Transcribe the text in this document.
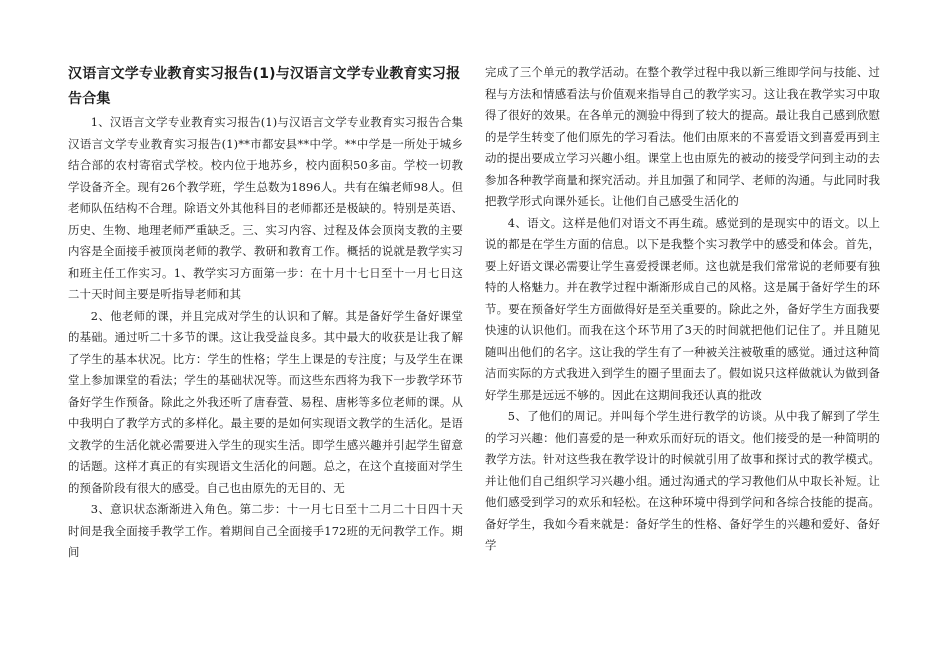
汉语言文学专业教育实习报告(1)与汉语言文学专业教育实习报告合集

1、汉语言文学专业教育实习报告(1)与汉语言文学专业教育实习报告合集汉语言文学专业教育实习报告(1)**市都安县**中学。**中学是一所处于城乡结合部的农村寄宿式学校。校内位于地苏乡，校内面积50多亩。学校一切教学设备齐全。现有26个教学班，学生总数为1896人。共有在编老师98人。但老师队伍结构不合理。除语文外其他科目的老师都还是极缺的。特别是英语、历史、生物、地理老师严重缺乏。三、实习内容、过程及体会顶岗支教的主要内容是全面接手被顶岗老师的教学、教研和教育工作。概括的说就是教学实习和班主任工作实习。1、教学实习方面第一步：在十月十七日至十一月七日这二十天时间主要是听指导老师和其

2、他老师的课，并且完成对学生的认识和了解。其是备好学生备好课堂的基础。通过听二十多节的课。这让我受益良多。其中最大的收获是让我了解了学生的基本状况。比方：学生的性格；学生上课是的专注度；与及学生在课堂上参加课堂的看法；学生的基础状况等。而这些东西将为我下一步教学环节备好学生作预备。除此之外我还听了唐春萱、易程、唐彬等多位老师的课。从中我明白了教学方式的多样化。最主要的是如何实现语文教学的生活化。是语文教学的生活化就必需要进入学生的现实生活。即学生感兴趣并引起学生留意的话题。这样才真正的有实现语文生活化的问题。总之，在这个直接面对学生的预备阶段有很大的感受。自己也由原先的无目的、无

3、意识状态渐渐进入角色。第二步：十一月七日至十二月二十日四十天时间是我全面接手教学工作。着期间自己全面接手172班的无问教学工作。期间

完成了三个单元的教学活动。在整个教学过程中我以新三维即学问与技能、过程与方法和情感看法与价值观来指导自己的教学实习。这让我在教学实习中取得了很好的效果。在各单元的测验中得到了较大的提高。最让我自己感到欣慰的是学生转变了他们原先的学习看法。他们由原来的不喜爱语文到喜爱再到主动的提出要成立学习兴趣小组。课堂上也由原先的被动的接受学问到主动的去参加各种教学商量和探究活动。并且加强了和同学、老师的沟通。与此同时我把教学形式向课外延长。让他们自己感受生活化的

4、语文。这样是他们对语文不再生疏。感觉到的是现实中的语文。以上说的都是在学生方面的信息。以下是我整个实习教学中的感受和体会。首先，要上好语文课必需要让学生喜爱授课老师。这也就是我们常常说的老师要有独特的人格魅力。并在教学过程中渐渐形成自己的风格。这是属于备好学生的环节。要在预备好学生方面做得好是至关重要的。除此之外，备好学生方面我要快速的认识他们。而我在这个环节用了3天的时间就把他们记住了。并且随见随叫出他们的名字。这让我的学生有了一种被关注被敬重的感觉。通过这种简洁而实际的方式我进入到学生的圈子里面去了。假如说只这样做就认为做到备好学生那是远远不够的。因此在这期间我还认真的批改

5、了他们的周记。并叫每个学生进行教学的访谈。从中我了解到了学生的学习兴趣：他们喜爱的是一种欢乐而好玩的语文。他们接受的是一种简明的教学方法。针对这些我在教学设计的时候就引用了故事和探讨式的教学模式。并让他们自己组织学习兴趣小组。通过沟通式的学习教他们从中取长补短。让他们感受到学习的欢乐和轻松。在这种环境中得到学问和各综合技能的提高。备好学生，我如今看来就是：备好学生的性格、备好学生的兴趣和爱好、备好学
